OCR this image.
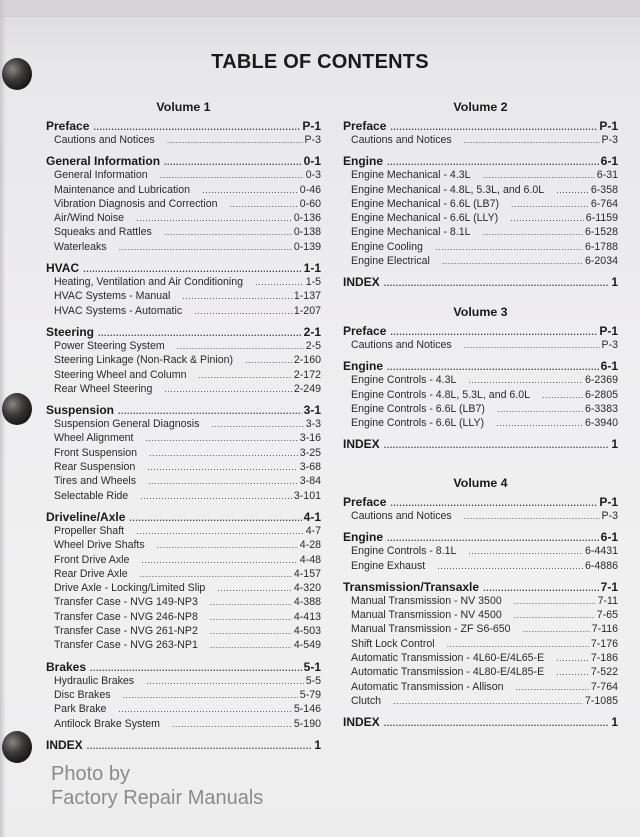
TABLE OF CONTENTS
Volume 1
Preface .....	P-1
Cautions and Notices .....	P-3
General Information .....	0-1
General Information .....	0-3
Maintenance and Lubrication .....	0-46
Vibration Diagnosis and Correction .....	0-60
Air/Wind Noise .....	0-136
Squeaks and Rattles .....	0-138
Waterleaks .....	0-139
HVAC .....	1-1
Heating, Ventilation and Air Conditioning .....	1-5
HVAC Systems - Manual .....	1-137
HVAC Systems - Automatic .....	1-207
Steering .....	2-1
Power Steering System .....	2-5
Steering Linkage (Non-Rack & Pinion) .....	2-160
Steering Wheel and Column .....	2-172
Rear Wheel Steering .....	2-249
Suspension .....	3-1
Suspension General Diagnosis .....	3-3
Wheel Alignment .....	3-16
Front Suspension .....	3-25
Rear Suspension .....	3-68
Tires and Wheels .....	3-84
Selectable Ride .....	3-101
Driveline/Axle .....	4-1
Propeller Shaft .....	4-7
Wheel Drive Shafts .....	4-28
Front Drive Axle .....	4-48
Rear Drive Axle .....	4-157
Drive Axle - Locking/Limited Slip .....	4-320
Transfer Case - NVG 149-NP3 .....	4-388
Transfer Case - NVG 246-NP8 .....	4-413
Transfer Case - NVG 261-NP2 .....	4-503
Transfer Case - NVG 263-NP1 .....	4-549
Brakes .....	5-1
Hydraulic Brakes .....	5-5
Disc Brakes .....	5-79
Park Brake .....	5-146
Antilock Brake System .....	5-190
INDEX .....	1
Volume 2
Preface .....	P-1
Cautions and Notices .....	P-3
Engine .....	6-1
Engine Mechanical - 4.3L .....	6-31
Engine Mechanical - 4.8L, 5.3L, and 6.0L .....	6-358
Engine Mechanical - 6.6L (LB7) .....	6-764
Engine Mechanical - 6.6L (LLY) .....	6-1159
Engine Mechanical - 8.1L .....	6-1528
Engine Cooling .....	6-1788
Engine Electrical .....	6-2034
INDEX .....	1
Volume 3
Preface .....	P-1
Cautions and Notices .....	P-3
Engine .....	6-1
Engine Controls - 4.3L .....	6-2369
Engine Controls - 4.8L, 5.3L, and 6.0L .....	6-2805
Engine Controls - 6.6L (LB7) .....	6-3383
Engine Controls - 6.6L (LLY) .....	6-3940
INDEX .....	1
Volume 4
Preface .....	P-1
Cautions and Notices .....	P-3
Engine .....	6-1
Engine Controls - 8.1L .....	6-4431
Engine Exhaust .....	6-4886
Transmission/Transaxle .....	7-1
Manual Transmission - NV 3500 .....	7-11
Manual Transmission - NV 4500 .....	7-65
Manual Transmission - ZF S6-650 .....	7-116
Shift Lock Control .....	7-176
Automatic Transmission - 4L60-E/4L65-E .....	7-186
Automatic Transmission - 4L80-E/4L85-E .....	7-522
Automatic Transmission - Allison .....	7-764
Clutch .....	7-1085
INDEX .....	1
Photo by
Factory Repair Manuals
